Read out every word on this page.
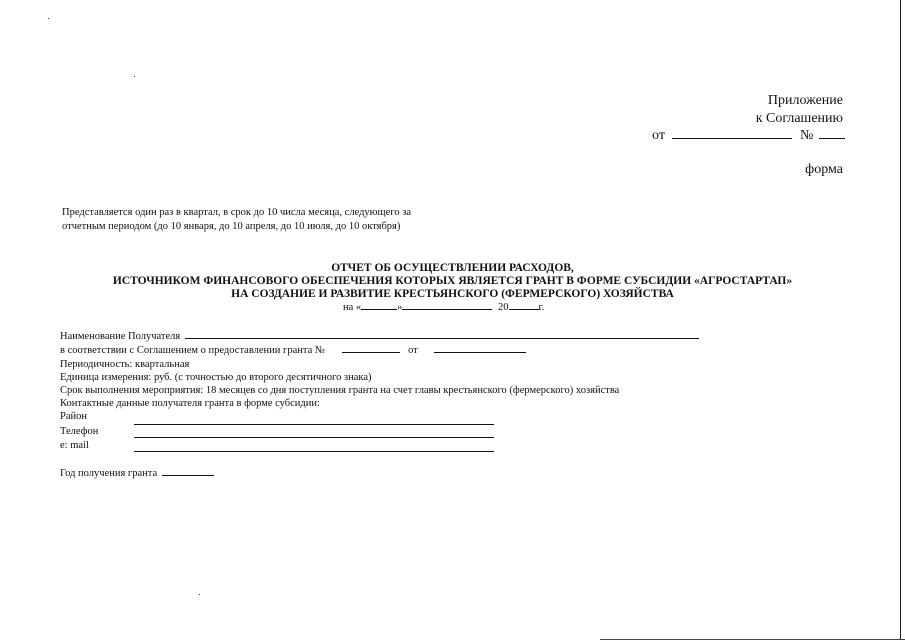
Приложение
к Соглашению
от	№
форма
Представляется один раз в квартал, в срок до 10 числа месяца, следующего за
отчетным периодом (до 10 января, до 10 апреля, до 10 июля, до 10 октября)
ОТЧЕТ ОБ ОСУЩЕСТВЛЕНИИ РАСХОДОВ,
ИСТОЧНИКОМ ФИНАНСОВОГО ОБЕСПЕЧЕНИЯ КОТОРЫХ ЯВЛЯЕТСЯ ГРАНТ В ФОРМЕ СУБСИДИИ «АГРОСТАРТАП»
НА СОЗДАНИЕ И РАЗВИТИЕ КРЕСТЬЯНСКОГО (ФЕРМЕРСКОГО) ХОЗЯЙСТВА
на «	»	20	г.
Наименование Получателя
в соответствии с Соглашением о предоставлении гранта №	от
Периодичность: квартальная
Единица измерения: руб. (с точностью до второго десятичного знака)
Срок выполнения мероприятия: 18 месяцев со дня поступления гранта на счет главы крестьянского (фермерского) хозяйства
Контактные данные получателя гранта в форме субсидии:
Район
Телефон
e: mail
Год получения гранта
